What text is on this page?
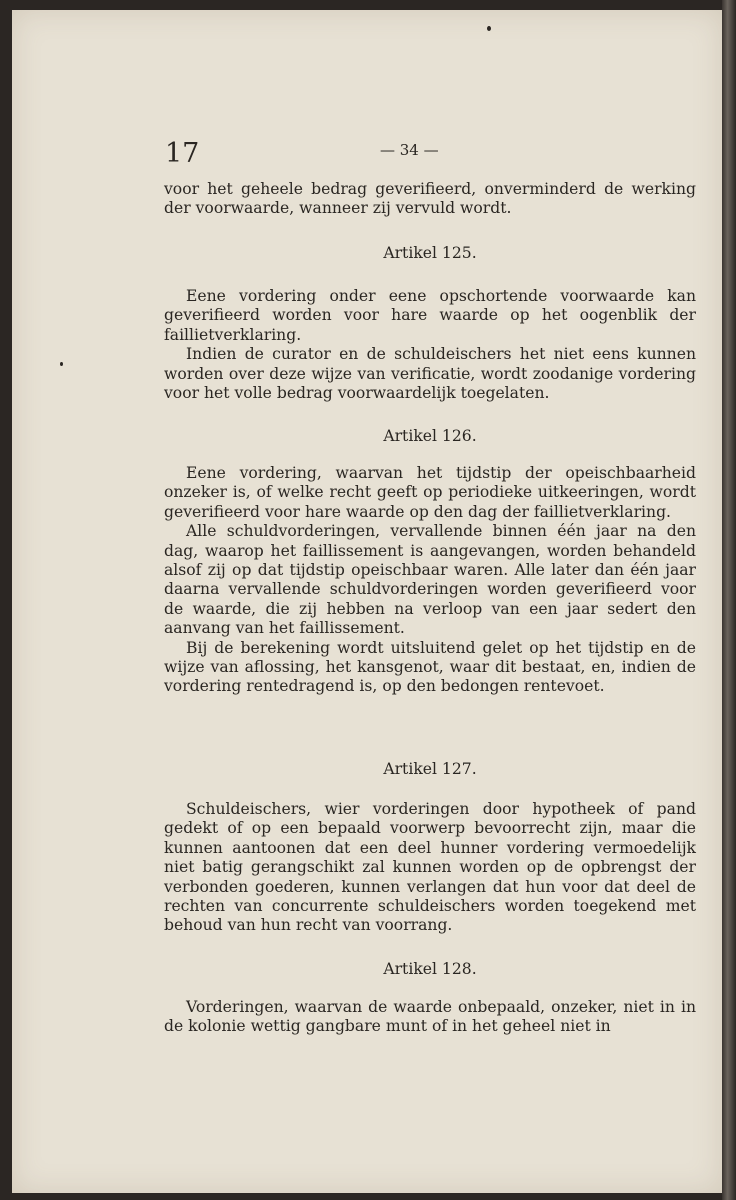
17	— 34 —

voor het geheele bedrag geverifieerd, onverminderd de werking der voorwaarde, wanneer zij vervuld wordt.

Artikel 125.

Eene vordering onder eene opschortende voorwaarde kan geverifieerd worden voor hare waarde op het oogenblik der faillietverklaring.

Indien de curator en de schuldeischers het niet eens kunnen worden over deze wijze van verificatie, wordt zoodanige vordering voor het volle bedrag voorwaardelijk toegelaten.

Artikel 126.

Eene vordering, waarvan het tijdstip der opeischbaarheid onzeker is, of welke recht geeft op periodieke uitkeeringen, wordt geverifieerd voor hare waarde op den dag der faillietverklaring.

Alle schuldvorderingen, vervallende binnen één jaar na den dag, waarop het faillissement is aangevangen, worden behandeld alsof zij op dat tijdstip opeischbaar waren. Alle later dan één jaar daarna vervallende schuldvorderingen worden geverifieerd voor de waarde, die zij hebben na verloop van een jaar sedert den aanvang van het faillissement.

Bij de berekening wordt uitsluitend gelet op het tijdstip en de wijze van aflossing, het kansgenot, waar dit bestaat, en, indien de vordering rentedragend is, op den bedongen rentevoet.

Artikel 127.

Schuldeischers, wier vorderingen door hypotheek of pand gedekt of op een bepaald voorwerp bevoorrecht zijn, maar die kunnen aantoonen dat een deel hunner vordering vermoedelijk niet batig gerangschikt zal kunnen worden op de opbrengst der verbonden goederen, kunnen verlangen dat hun voor dat deel de rechten van concurrente schuldeischers worden toegekend met behoud van hun recht van voorrang.

Artikel 128.

Vorderingen, waarvan de waarde onbepaald, onzeker, niet in in de kolonie wettig gangbare munt of in het geheel niet in
